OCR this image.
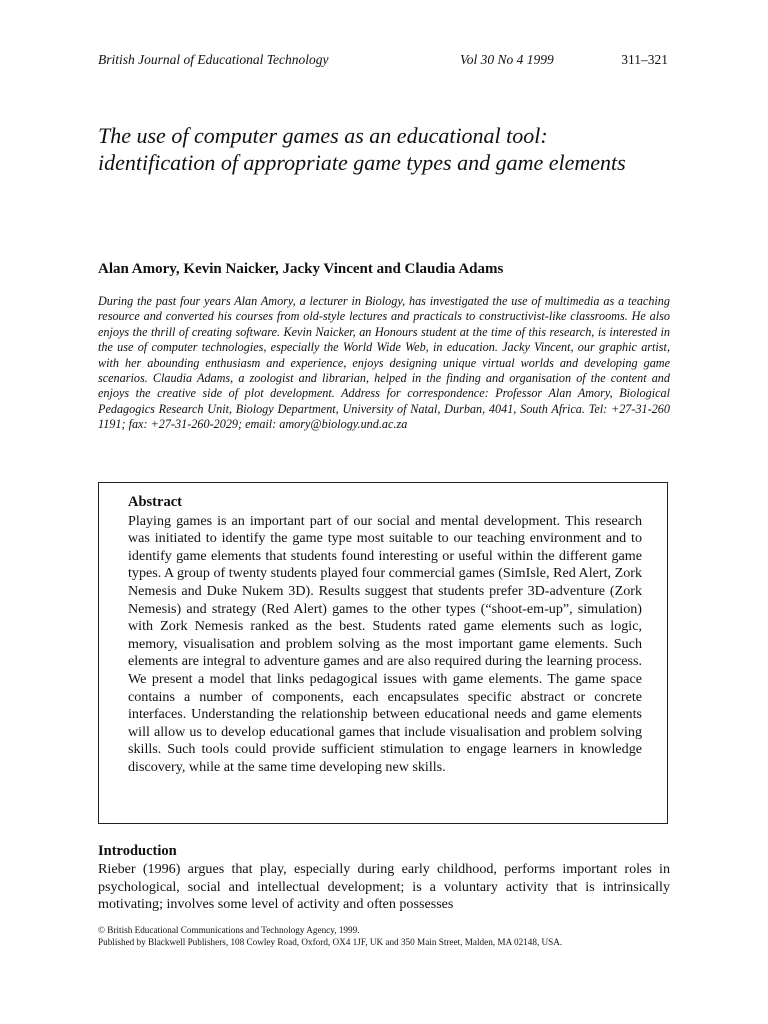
British Journal of Educational Technology	Vol 30 No 4 1999	311–321
The use of computer games as an educational tool: identification of appropriate game types and game elements

Alan Amory, Kevin Naicker, Jacky Vincent and Claudia Adams

During the past four years Alan Amory, a lecturer in Biology, has investigated the use of multimedia as a teaching resource and converted his courses from old-style lectures and practicals to constructivist-like classrooms. He also enjoys the thrill of creating software. Kevin Naicker, an Honours student at the time of this research, is interested in the use of computer technologies, especially the World Wide Web, in education. Jacky Vincent, our graphic artist, with her abounding enthusiasm and experience, enjoys designing unique virtual worlds and developing game scenarios. Claudia Adams, a zoologist and librarian, helped in the finding and organisation of the content and enjoys the creative side of plot development. Address for correspondence: Professor Alan Amory, Biological Pedagogics Research Unit, Biology Department, University of Natal, Durban, 4041, South Africa. Tel: +27-31-260 1191; fax: +27-31-260-2029; email: amory@biology.und.ac.za

Abstract

Playing games is an important part of our social and mental development. This research was initiated to identify the game type most suitable to our teaching environment and to identify game elements that students found interesting or useful within the different game types. A group of twenty students played four commercial games (SimIsle, Red Alert, Zork Nemesis and Duke Nukem 3D). Results suggest that students prefer 3D-adventure (Zork Nemesis) and strategy (Red Alert) games to the other types (“shoot-em-up”, simulation) with Zork Nemesis ranked as the best. Students rated game elements such as logic, memory, visualisation and problem solving as the most important game elements. Such elements are integral to adventure games and are also required during the learning process. We present a model that links pedagogical issues with game elements. The game space contains a number of components, each encapsulates specific abstract or concrete interfaces. Understanding the relationship between educational needs and game elements will allow us to develop educational games that include visualisation and problem solving skills. Such tools could provide sufficient stimulation to engage learners in knowledge discovery, while at the same time developing new skills.

Introduction

Rieber (1996) argues that play, especially during early childhood, performs important roles in psychological, social and intellectual development; is a voluntary activity that is intrinsically motivating; involves some level of activity and often possesses

© British Educational Communications and Technology Agency, 1999.
Published by Blackwell Publishers, 108 Cowley Road, Oxford, OX4 1JF, UK and 350 Main Street, Malden, MA 02148, USA.
